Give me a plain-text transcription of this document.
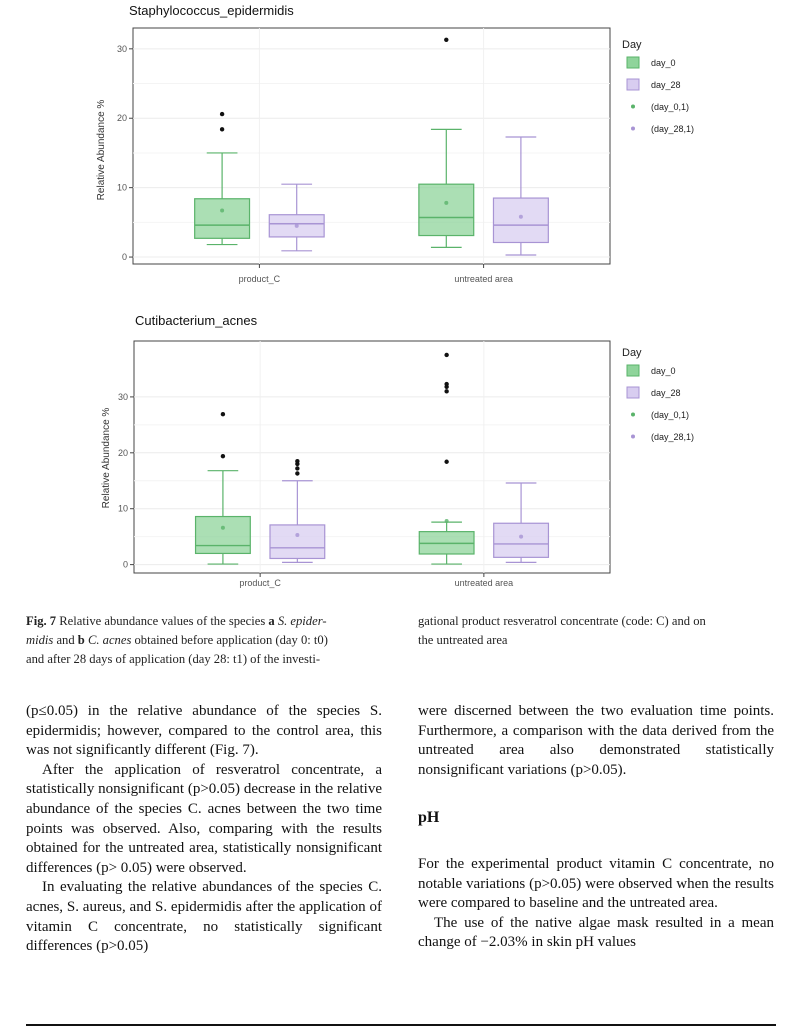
Staphylococcus_epidermidis
0
10
20
30
Relative Abundance %
product_C	untreated area
Day
day_0
day_28
(day_0,1)
(day_28,1)
Cutibacterium_acnes
0
10
20
30
Relative Abundance %
product_C	untreated area
Day
day_0
day_28
(day_0,1)
(day_28,1)
Fig. 7 Relative abundance values of the species a S. epider-
midis and b C. acnes obtained before application (day 0: t0)
and after 28 days of application (day 28: t1) of the investi-
gational product resveratrol concentrate (code: C) and on
the untreated area

(p≤0.05) in the relative abundance of the species S. epidermidis; however, compared to the control area, this was not significantly different (Fig. 7).

After the application of resveratrol concentrate, a statistically nonsignificant (p>0.05) decrease in the relative abundance of the species C. acnes between the two time points was observed. Also, comparing with the results obtained for the untreated area, statistically nonsignificant differences (p> 0.05) were observed.

In evaluating the relative abundances of the species C. acnes, S. aureus, and S. epidermidis after the application of vitamin C concentrate, no statistically significant differences (p>0.05)

were discerned between the two evaluation time points. Furthermore, a comparison with the data derived from the untreated area also demonstrated statistically nonsignificant variations (p>0.05).

pH

For the experimental product vitamin C concentrate, no notable variations (p>0.05) were observed when the results were compared to baseline and the untreated area.

The use of the native algae mask resulted in a mean change of −2.03% in skin pH values
